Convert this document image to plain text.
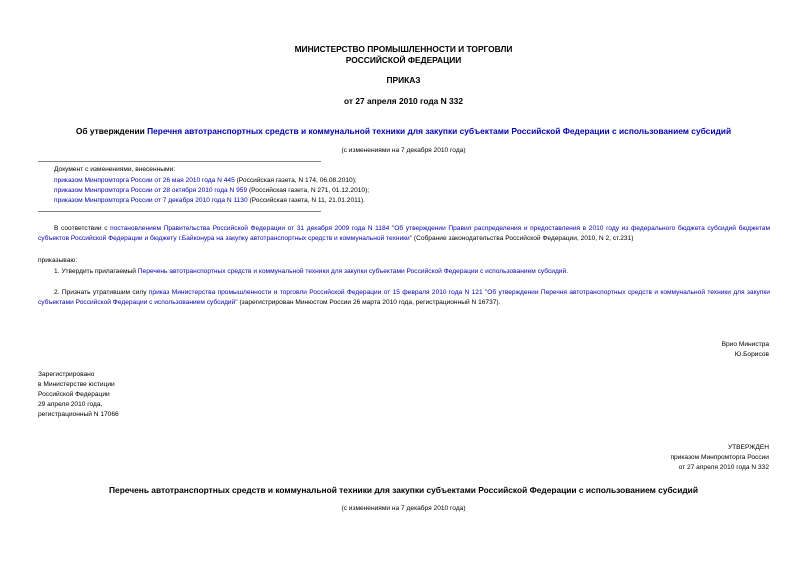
МИНИСТЕРСТВО ПРОМЫШЛЕННОСТИ И ТОРГОВЛИ
РОССИЙСКОЙ ФЕДЕРАЦИИ
ПРИКАЗ
от 27 апреля 2010 года N 332
Об утверждении Перечня автотранспортных средств и коммунальной техники для закупки субъектами Российской Федерации с использованием субсидий
(с изменениями на 7 декабря 2010 года)
Документ с изменениями, внесенными:
приказом Минпромторга России от 26 мая 2010 года N 445 (Российская газета, N 174, 06.08.2010);
приказом Минпромторга России от 28 октября 2010 года N 959 (Российская газета, N 271, 01.12.2010);
приказом Минпромторга России от 7 декабря 2010 года N 1130 (Российская газета, N 11, 21.01.2011).
В соответствии с постановлением Правительства Российской Федерации от 31 декабря 2009 года N 1184 "Об утверждении Правил распределения и предоставления в 2010 году из федерального бюджета субсидий бюджетам субъектов Российской Федерации и бюджету г.Байконура на закупку автотранспортных средств и коммунальной техники" (Собрание законодательства Российской Федерации, 2010, N 2, ст.231)
приказываю:
1. Утвердить прилагаемый Перечень автотранспортных средств и коммунальной техники для закупки субъектами Российской Федерации с использованием субсидий.
2. Признать утратившим силу приказ Министерства промышленности и торговли Российской Федерации от 15 февраля 2010 года N 121 "Об утверждении Перечня автотранспортных средств и коммунальной техники для закупки субъектами Российской Федерации с использованием субсидий" (зарегистрирован Минюстом России 26 марта 2010 года, регистрационный N 16737).
Врио Министра
Ю.Борисов
Зарегистрировано
в Министерстве юстиции
Российской Федерации
29 апреля 2010 года,
регистрационный N 17066
УТВЕРЖДЕН
приказом Минпромторга России
от 27 апреля 2010 года N 332
Перечень автотранспортных средств и коммунальной техники для закупки субъектами Российской Федерации с использованием субсидий
(с изменениями на 7 декабря 2010 года)
